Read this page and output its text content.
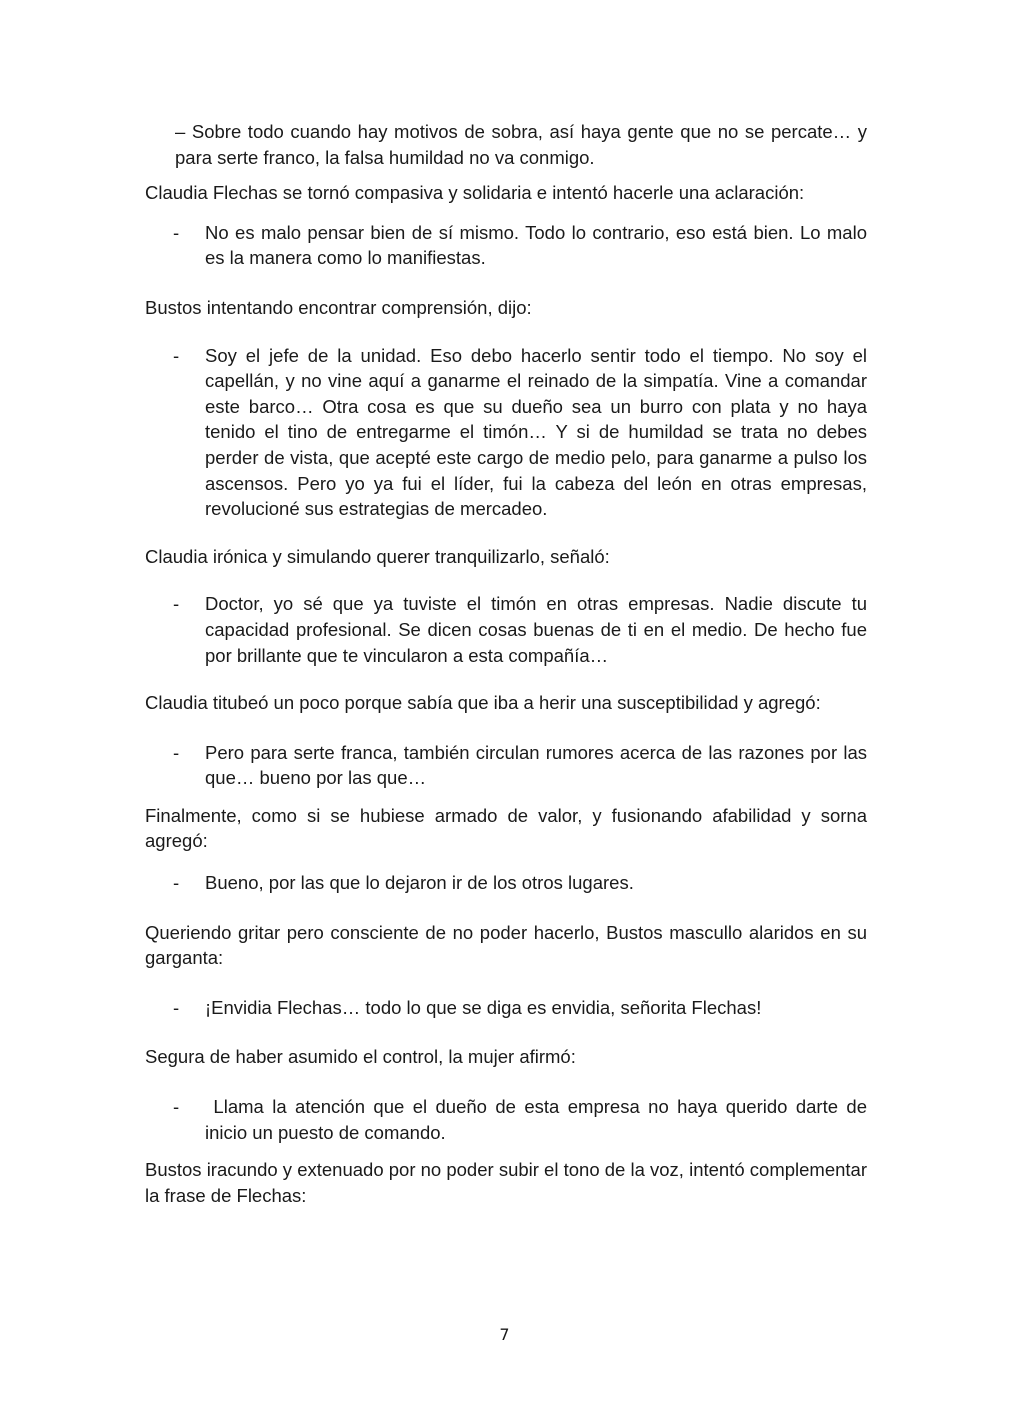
– Sobre todo cuando hay motivos de sobra, así haya gente que no se percate… y para serte franco, la falsa humildad no va conmigo.

Claudia Flechas se tornó compasiva y solidaria e intentó hacerle una aclaración:

- No es malo pensar bien de sí mismo. Todo lo contrario, eso está bien. Lo malo es la manera como lo manifiestas.

Bustos intentando encontrar comprensión, dijo:

- Soy el jefe de la unidad. Eso debo hacerlo sentir todo el tiempo. No soy el capellán, y no vine aquí a ganarme el reinado de la simpatía. Vine a comandar este barco… Otra cosa es que su dueño sea un burro con plata y no haya tenido el tino de entregarme el timón… Y si de humildad se trata no debes perder de vista, que acepté este cargo de medio pelo, para ganarme a pulso los ascensos. Pero yo ya fui el líder, fui la cabeza del león en otras empresas, revolucioné sus estrategias de mercadeo.

Claudia irónica y simulando querer tranquilizarlo, señaló:

- Doctor, yo sé que ya tuviste el timón en otras empresas. Nadie discute tu capacidad profesional. Se dicen cosas buenas de ti en el medio. De hecho fue por brillante que te vincularon a esta compañía…

Claudia titubeó un poco porque sabía que iba a herir una susceptibilidad y agregó:

- Pero para serte franca, también circulan rumores acerca de las razones por las que… bueno por las que…

Finalmente, como si se hubiese armado de valor, y fusionando afabilidad y sorna agregó:

- Bueno, por las que lo dejaron ir de los otros lugares.

Queriendo gritar pero consciente de no poder hacerlo, Bustos mascullo alaridos en su garganta:

- ¡Envidia Flechas… todo lo que se diga es envidia, señorita Flechas!

Segura de haber asumido el control, la mujer afirmó:

- Llama la atención que el dueño de esta empresa no haya querido darte de inicio un puesto de comando.

Bustos iracundo y extenuado por no poder subir el tono de la voz, intentó complementar la frase de Flechas:

7
